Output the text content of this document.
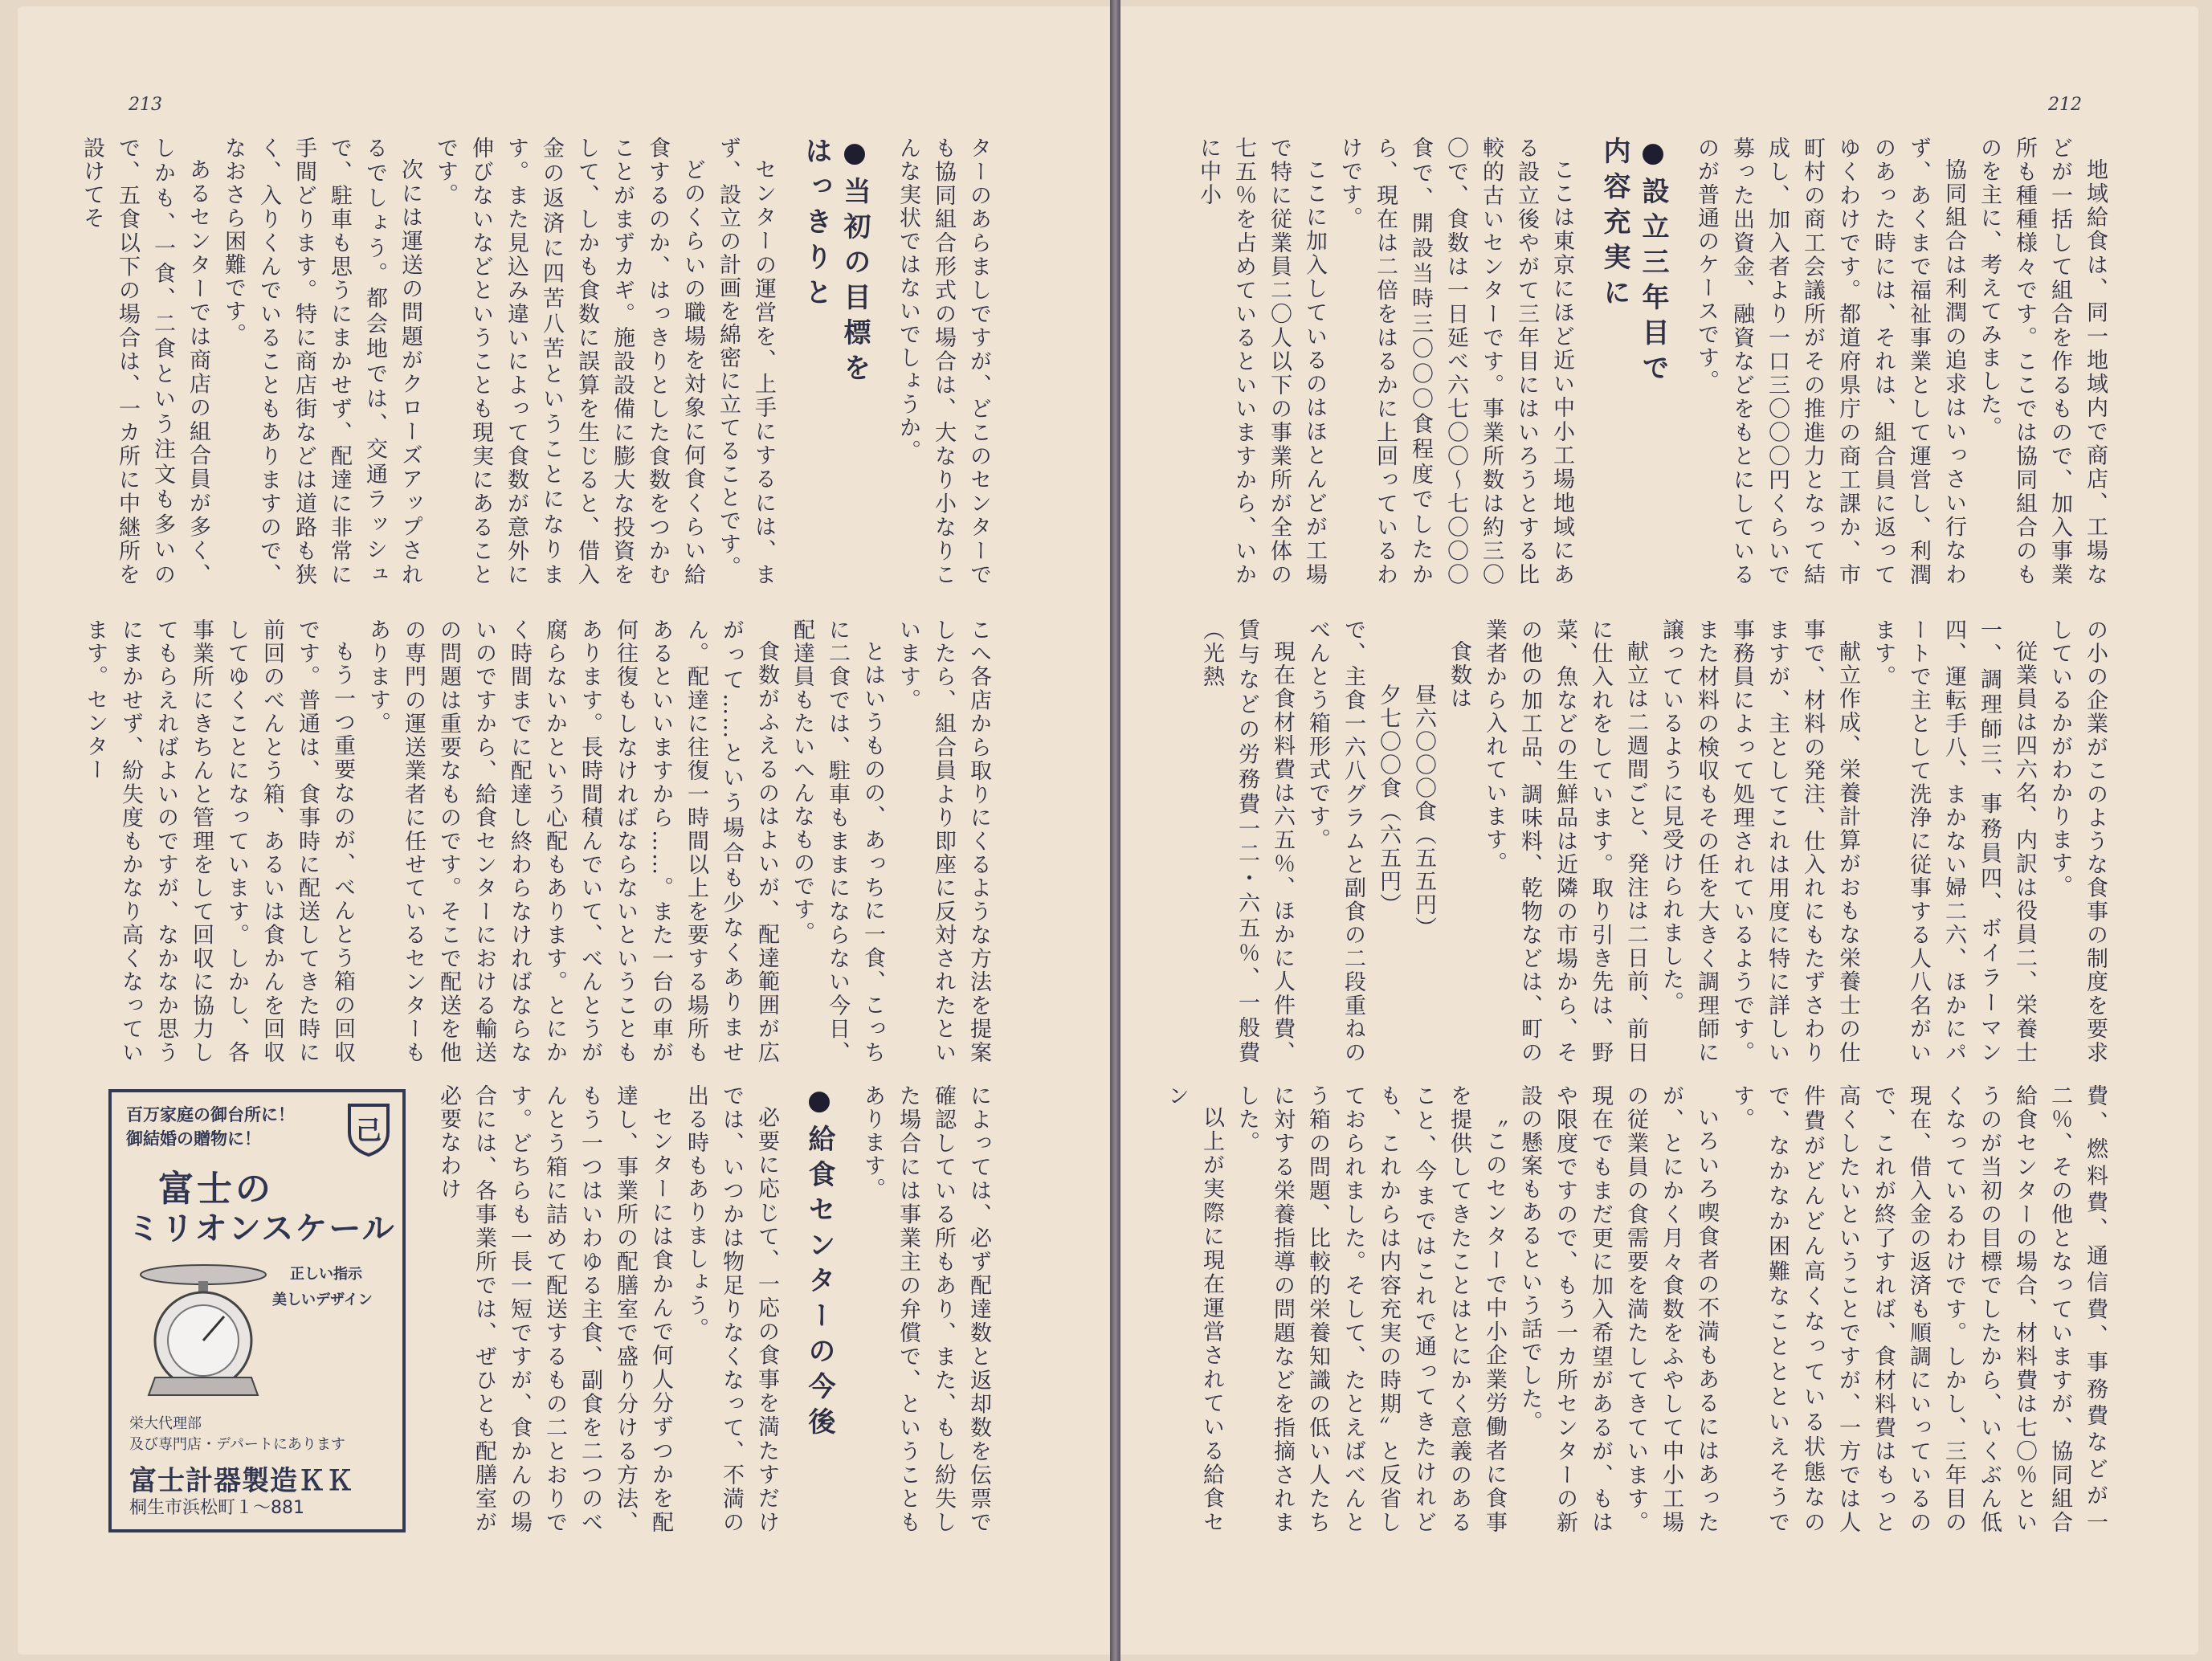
213	212

ターのあらましですが、どこのセンターでも協同組合形式の場合は、大なり小なりこんな実状ではないでしょうか。

●当初の目標を
はっきりと

センターの運営を、上手にするには、まず、設立の計画を綿密に立てることです。

どのくらいの職場を対象に何食くらい給食するのか、はっきりとした食数をつかむことがまずカギ。施設設備に膨大な投資をして、しかも食数に誤算を生じると、借入金の返済に四苦八苦ということになります。また見込み違いによって食数が意外に伸びないなどということも現実にあることです。

次には運送の問題がクローズアップされるでしょう。都会地では、交通ラッシュで、駐車も思うにまかせず、配達に非常に手間どります。特に商店街などは道路も狭く、入りくんでいることもありますので、なおさら困難です。

あるセンターでは商店の組合員が多く、しかも、一食、二食という注文も多いので、五食以下の場合は、一カ所に中継所を設けてそ

こへ各店から取りにくるような方法を提案したら、組合員より即座に反対されたといいます。

とはいうものの、あっちに一食、こっちに二食では、駐車もままにならない今日、配達員もたいへんなものです。

食数がふえるのはよいが、配達範囲が広がって……という場合も少なくありません。配達に往復一時間以上を要する場所もあるといいますから……。また一台の車が何往復もしなければならないということもあります。長時間積んでいて、べんとうが腐らないかという心配もあります。とにかく時間までに配達し終わらなければならないのですから、給食センターにおける輸送の問題は重要なものです。そこで配送を他の専門の運送業者に任せているセンターもあります。

もう一つ重要なのが、べんとう箱の回収です。普通は、食事時に配送してきた時に前回のべんとう箱、あるいは食かんを回収してゆくことになっています。しかし、各事業所にきちんと管理をして回収に協力してもらえればよいのですが、なかなか思うにまかせず、紛失度もかなり高くなっています。センター

によっては、必ず配達数と返却数を伝票で確認している所もあり、また、もし紛失した場合には事業主の弁償で、ということもあります。

●給食センターの今後

必要に応じて、一応の食事を満たすだけでは、いつかは物足りなくなって、不満の出る時もありましょう。

センターには食かんで何人分ずつかを配達し、事業所の配膳室で盛り分ける方法、もう一つはいわゆる主食、副食を二つのべんとう箱に詰めて配送するもの二とおりです。どちらも一長一短ですが、食かんの場合には、各事業所では、ぜひとも配膳室が必要なわけ

百万家庭の御台所に！
御結婚の贈物に！	己
富士の
ミリオンスケール
正しい指示
美しいデザイン
栄大代理部
及び専門店・デパートにあります
富士計器製造ＫＫ
桐生市浜松町１～881

地域給食は、同一地域内で商店、工場などが一括して組合を作るもので、加入事業所も種種様々です。ここでは協同組合のものを主に、考えてみました。

協同組合は利潤の追求はいっさい行なわず、あくまで福祉事業として運営し、利潤のあった時には、それは、組合員に返ってゆくわけです。都道府県庁の商工課か、市町村の商工会議所がその推進力となって結成し、加入者より一口三〇〇〇円くらいで募った出資金、融資などをもとにしているのが普通のケースです。

●設立三年目で
内容充実に

ここは東京にほど近い中小工場地域にある設立後やがて三年目にはいろうとする比較的古いセンターです。事業所数は約三〇〇で、食数は一日延べ六七〇〇～七〇〇〇食で、開設当時三〇〇〇食程度でしたから、現在は二倍をはるかに上回っているわけです。

ここに加入しているのはほとんどが工場で特に従業員二〇人以下の事業所が全体の七五％を占めているといいますから、いかに中小

の小の企業がこのような食事の制度を要求しているかがわかります。

従業員は四六名、内訳は役員二、栄養士一、調理師三、事務員四、ボイラーマン四、運転手八、まかない婦二六、ほかにパートで主として洗浄に従事する人八名がいます。

献立作成、栄養計算がおもな栄養士の仕事で、材料の発注、仕入れにもたずさわりますが、主としてこれは用度に特に詳しい事務員によって処理されているようです。また材料の検収もその任を大きく調理師に譲っているように見受けられました。

献立は二週間ごと、発注は二日前、前日に仕入れをしています。取り引き先は、野菜、魚などの生鮮品は近隣の市場から、その他の加工品、調味料、乾物などは、町の業者から入れています。

食数は

昼六〇〇〇食（五五円）

夕七〇〇食（六五円）

で、主食一六八グラムと副食の二段重ねのべんとう箱形式です。

現在食材料費は六五％、ほかに人件費、賃与などの労務費一二・六五％、一般費（光熱

費、燃料費、通信費、事務費などが一二％、その他となっていますが、協同組合給食センターの場合、材料費は七〇％というのが当初の目標でしたから、いくぶん低くなっているわけです。しかし、三年目の現在、借入金の返済も順調にいっているので、これが終了すれば、食材料費はもっと高くしたいということですが、一方では人件費がどんどん高くなっている状態なので、なかなか困難なこととといえそうです。

いろいろ喫食者の不満もあるにはあったが、とにかく月々食数をふやして中小工場の従業員の食需要を満たしてきています。現在でもまだ更に加入希望があるが、もはや限度ですので、もう一カ所センターの新設の懸案もあるという話でした。

〝このセンターで中小企業労働者に食事を提供してきたことはとにかく意義のあること、今まではこれで通ってきたけれども、これからは内容充実の時期〟と反省しておられました。そして、たとえばべんとう箱の問題、比較的栄養知識の低い人たちに対する栄養指導の問題などを指摘されました。

以上が実際に現在運営されている給食セン
